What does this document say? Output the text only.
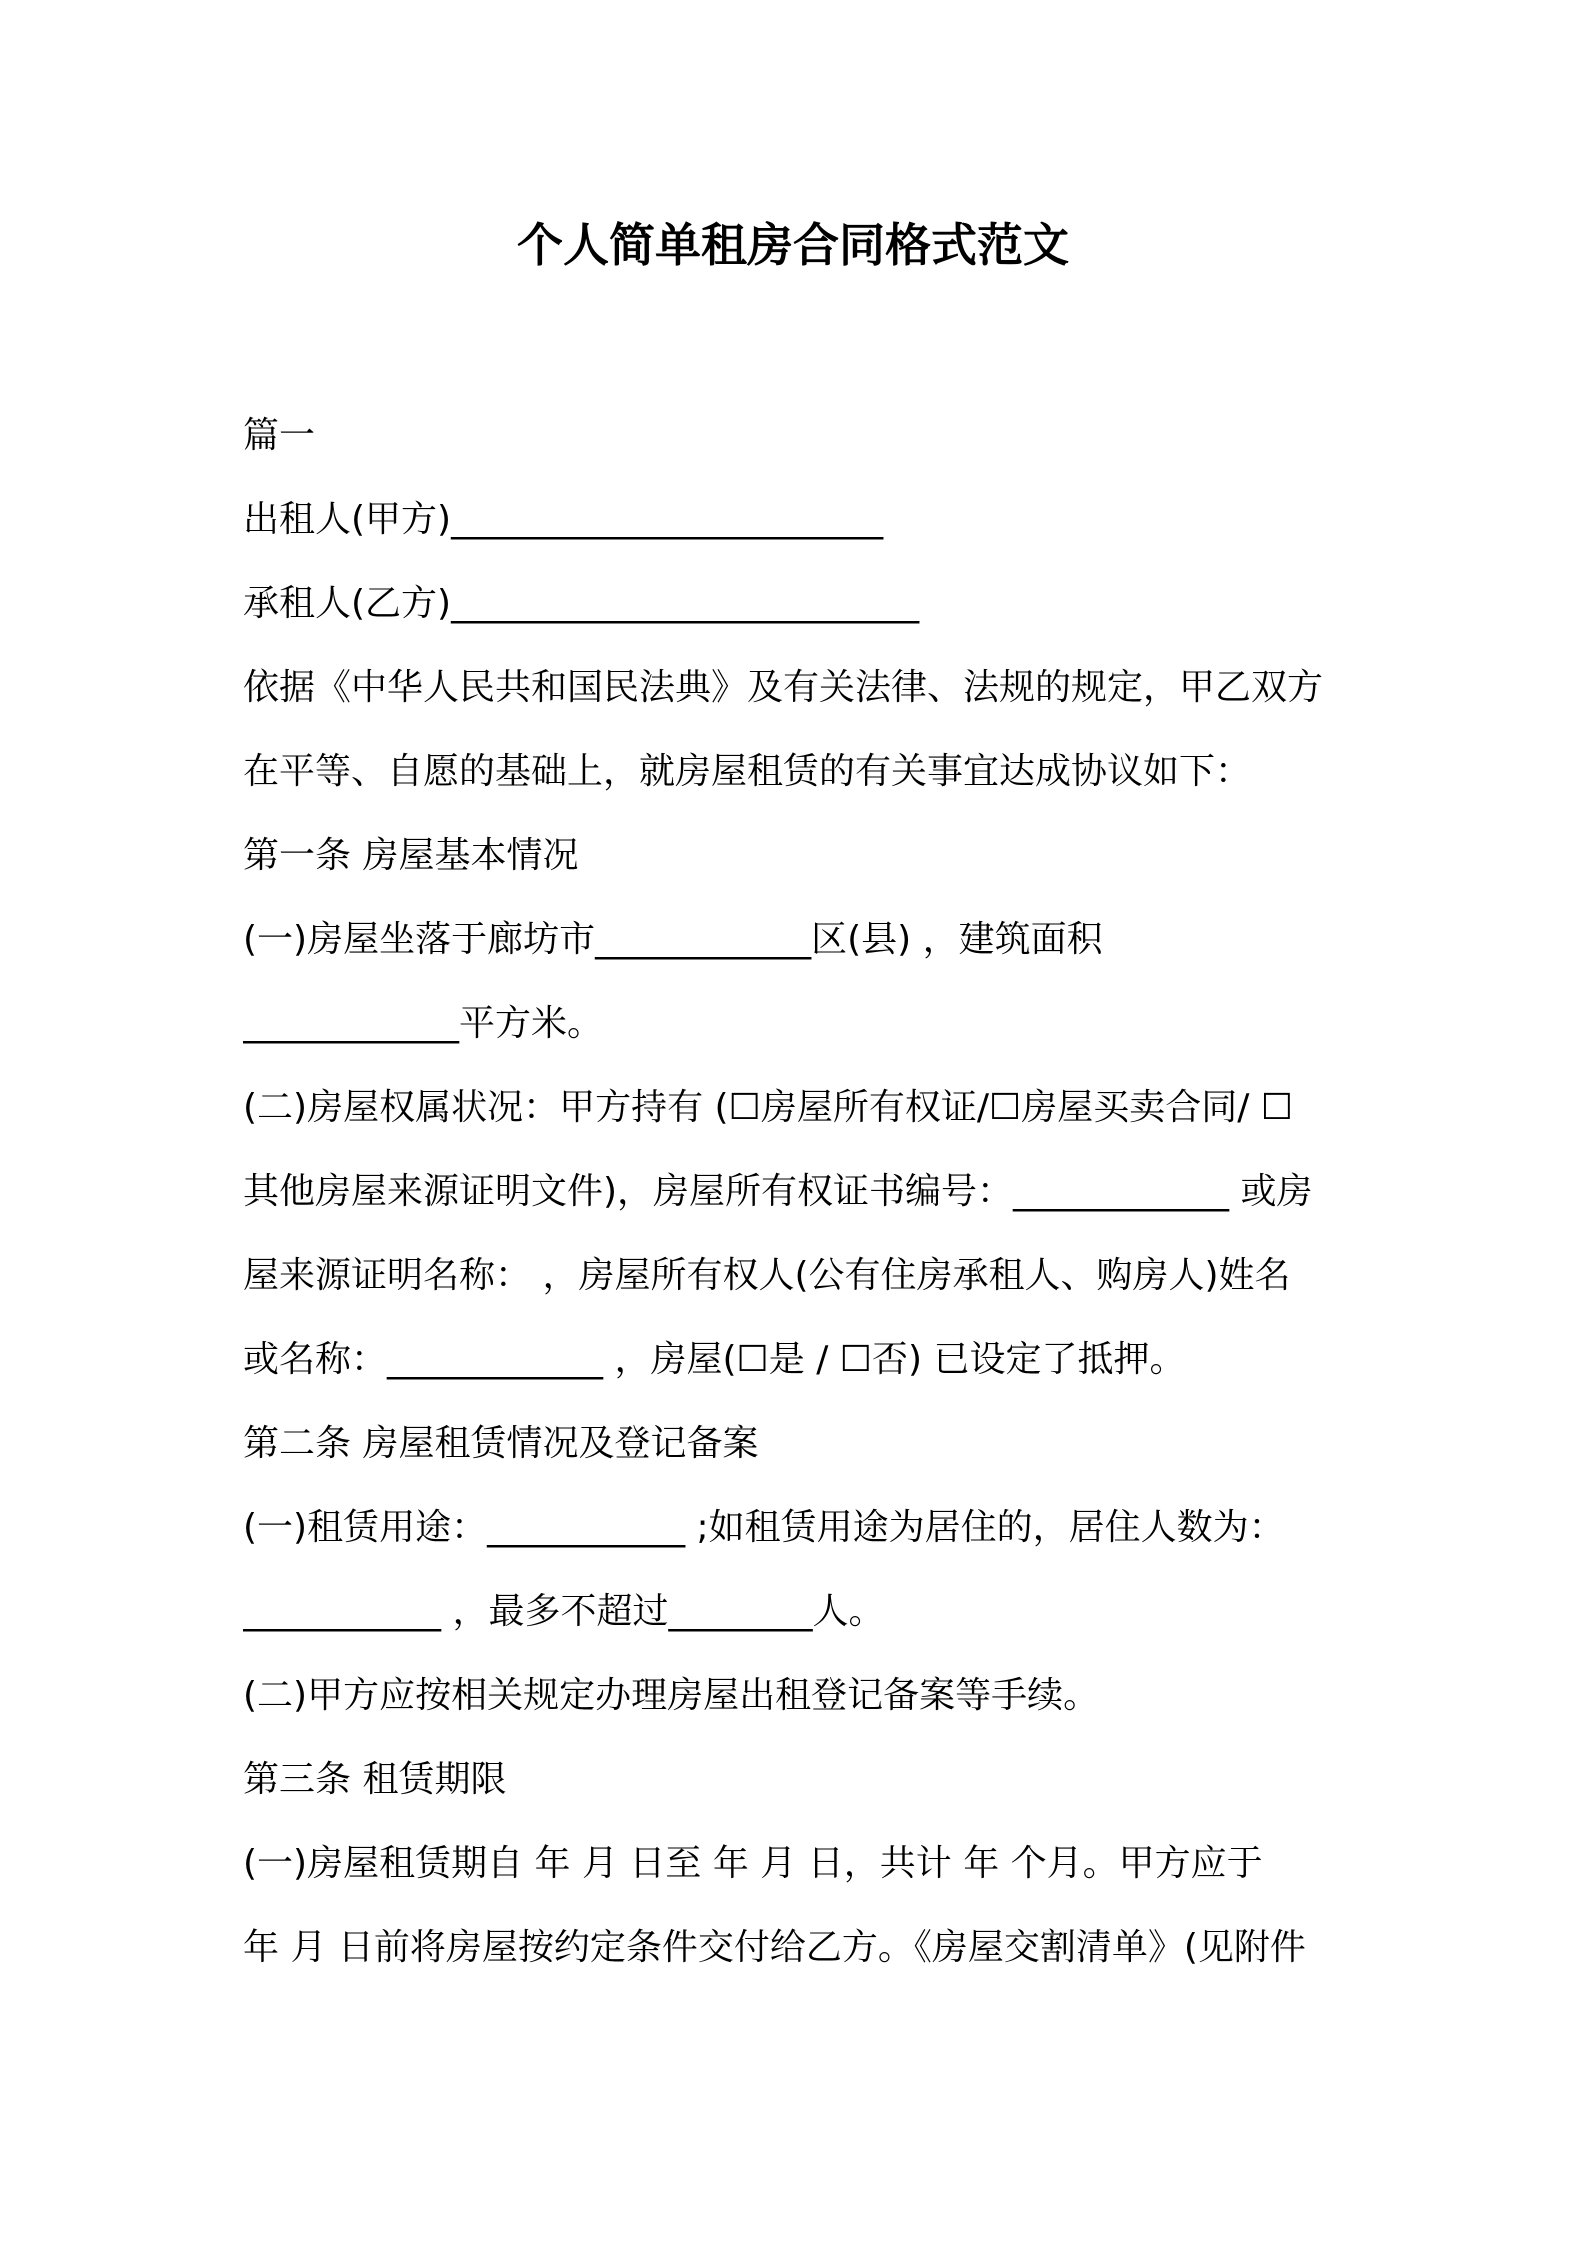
个人简单租房合同格式范文
篇一
出租人(甲方)________________________
承租人(乙方)__________________________
依据《中华人民共和国民法典》及有关法律、法规的规定，甲乙双方
在平等、自愿的基础上，就房屋租赁的有关事宜达成协议如下：
第一条 房屋基本情况
(一)房屋坐落于廊坊市____________区(县) ，建筑面积
____________平方米。
(二)房屋权属状况：甲方持有 (☐房屋所有权证/☐房屋买卖合同/ ☐
其他房屋来源证明文件)，房屋所有权证书编号：____________ 或房
屋来源证明名称： ，房屋所有权人(公有住房承租人、购房人)姓名
或名称：____________ ，房屋(☐是 / ☐否) 已设定了抵押。
第二条 房屋租赁情况及登记备案
(一)租赁用途：___________ ;如租赁用途为居住的，居住人数为：
___________ ，最多不超过________人。
(二)甲方应按相关规定办理房屋出租登记备案等手续。
第三条 租赁期限
(一)房屋租赁期自 年 月 日至 年 月 日，共计 年 个月。甲方应于
年 月 日前将房屋按约定条件交付给乙方。《房屋交割清单》(见附件
